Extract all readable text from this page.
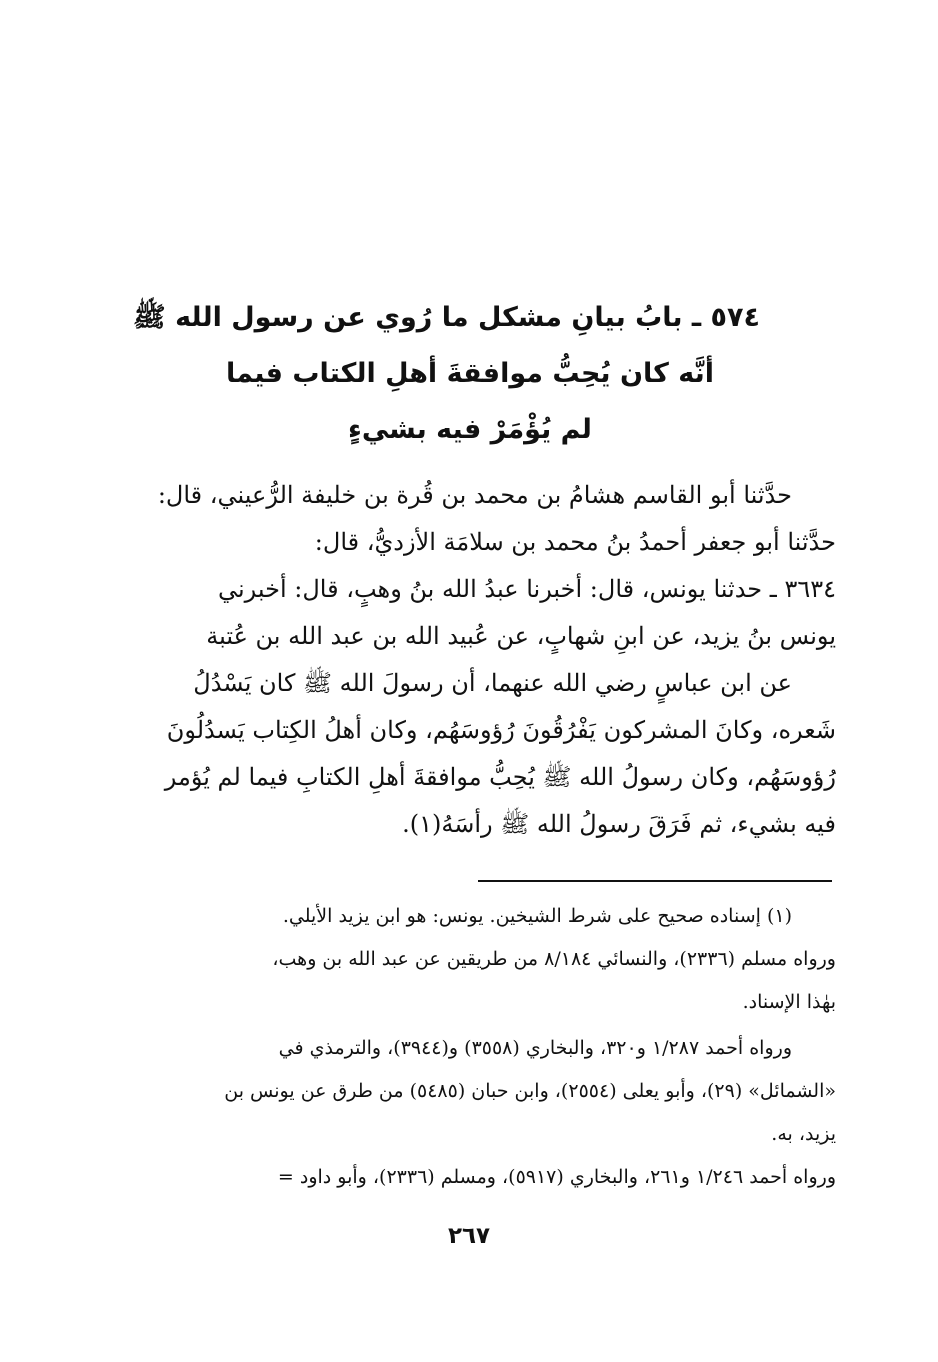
٥٧٤ ـ بابُ بيانِ مشكل ما رُوي عن رسول الله ﷺ
أنَّه كان يُحِبُّ موافقةَ أهلِ الكتاب فيما
لم يُؤْمَرْ فيه بشيءٍ
حدَّثنا أبو القاسم هشامُ بن محمد بن قُرة بن خليفة الرُّعيني، قال:
حدَّثنا أبو جعفر أحمدُ بنُ محمد بن سلامَة الأزديُّ، قال:
٣٦٣٤ ـ حدثنا يونس، قال: أخبرنا عبدُ الله بنُ وهبٍ، قال: أخبرني
يونس بنُ يزيد، عن ابنِ شهابٍ، عن عُبيد الله بن عبد الله بن عُتبة
عن ابن عباسٍ رضي الله عنهما، أن رسولَ الله ﷺ كان يَسْدُلُ
شَعره، وكانَ المشركون يَفْرُقُونَ رُؤوسَهُم، وكان أهلُ الكِتاب يَسدُلُونَ
رُؤوسَهُم، وكان رسولُ الله ﷺ يُحِبُّ موافقةَ أهلِ الكتابِ فيما لم يُؤمر
فيه بشيء، ثم فَرَقَ رسولُ الله ﷺ رأسَهُ(١).
(١) إسناده صحيح على شرط الشيخين. يونس: هو ابن يزيد الأيلي.
ورواه مسلم (٢٣٣٦)، والنسائي ٨/١٨٤ من طريقين عن عبد الله بن وهب،
بهٰذا الإسناد.
ورواه أحمد ١/٢٨٧ و٣٢٠، والبخاري (٣٥٥٨) و(٣٩٤٤)، والترمذي في
«الشمائل» (٢٩)، وأبو يعلى (٢٥٥٤)، وابن حبان (٥٤٨٥) من طرق عن يونس بن
يزيد، به.
ورواه أحمد ١/٢٤٦ و٢٦١، والبخاري (٥٩١٧)، ومسلم (٢٣٣٦)، وأبو داود =
٢٦٧
